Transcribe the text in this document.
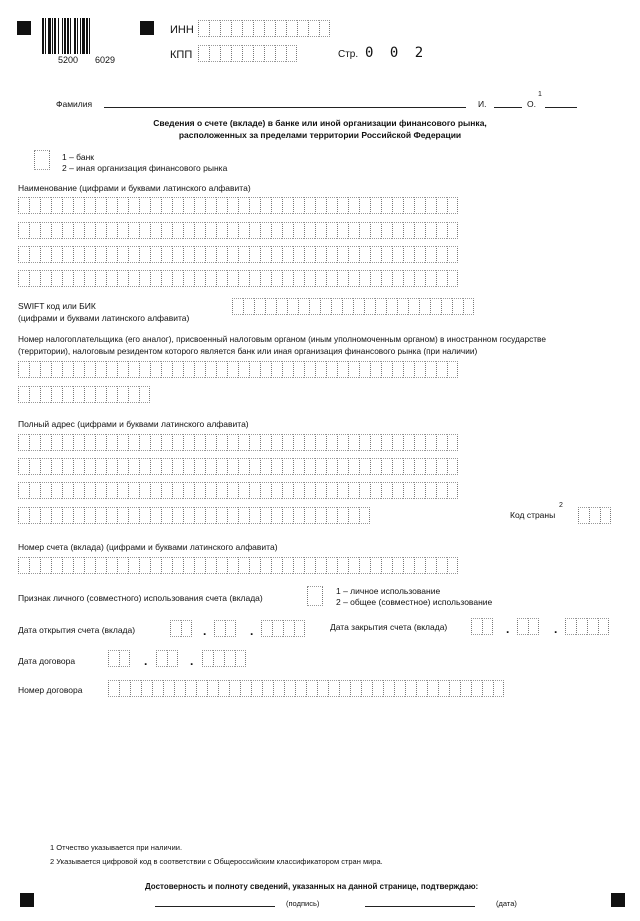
5200 6029
ИНН
КПП	Стр. 0 0 2
Фамилия	И.	О.
1
Сведения о счете (вкладе) в банке или иной организации финансового рынка,
расположенных за пределами территории Российской Федерации
1 – банк
2 – иная организация финансового рынка
Наименование (цифрами и буквами латинского алфавита)
SWIFT код или БИК
(цифрами и буквами латинского алфавита)
Номер налогоплательщика (его аналог), присвоенный налоговым органом (иным уполномоченным органом) в иностранном государстве
(территории), налоговым резидентом которого является банк или иная организация финансового рынка (при наличии)
Полный адрес (цифрами и буквами латинского алфавита)
Код страны
2
Номер счета (вклада) (цифрами и буквами латинского алфавита)
Признак личного (совместного) использования счета (вклада)
1 – личное использование
2 – общее (совместное) использование
Дата открытия счета (вклада)	.	.	Дата закрытия счета (вклада)	.	.
Дата договора	.	.
Номер договора
1 Отчество указывается при наличии.
2 Указывается цифровой код в соответствии с Общероссийским классификатором стран мира.
Достоверность и полноту сведений, указанных на данной странице, подтверждаю:
(подпись)	(дата)
